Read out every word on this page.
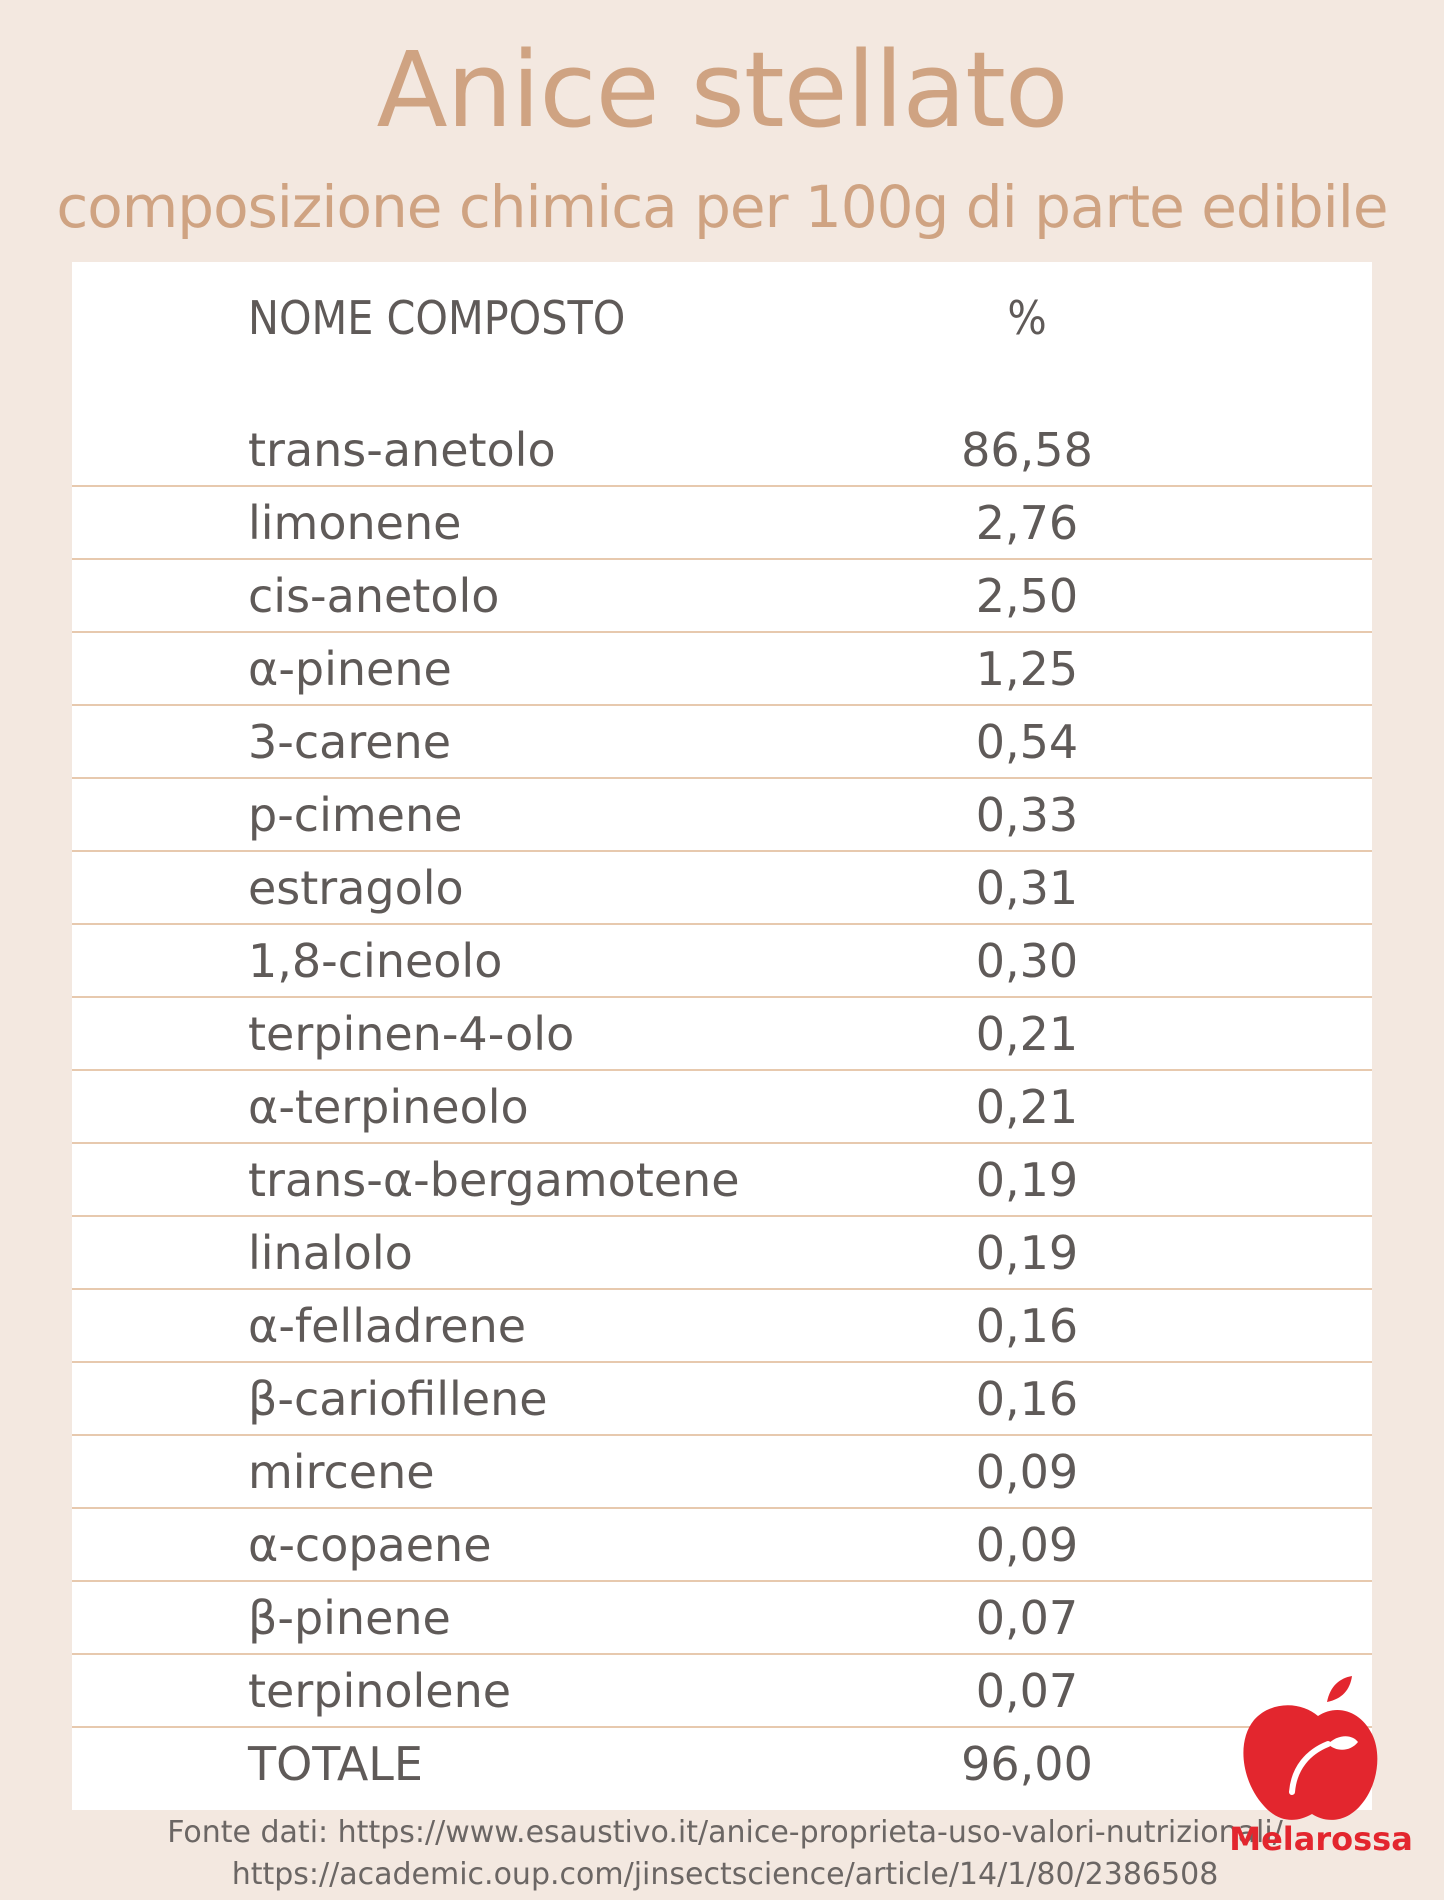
Anice stellato
composizione chimica per 100g di parte edibile
NOME COMPOSTO	%
trans-anetolo	86,58
limonene	2,76
cis-anetolo	2,50
α-pinene	1,25
3-carene	0,54
p-cimene	0,33
estragolo	0,31
1,8-cineolo	0,30
terpinen-4-olo	0,21
α-terpineolo	0,21
trans-α-bergamotene	0,19
linalolo	0,19
α-felladrene	0,16
β-cariofillene	0,16
mircene	0,09
α-copaene	0,09
β-pinene	0,07
terpinolene	0,07
TOTALE	96,00
Fonte dati: https://www.esaustivo.it/anice-proprieta-uso-valori-nutrizionali/
https://academic.oup.com/jinsectscience/article/14/1/80/2386508
Melarossa
